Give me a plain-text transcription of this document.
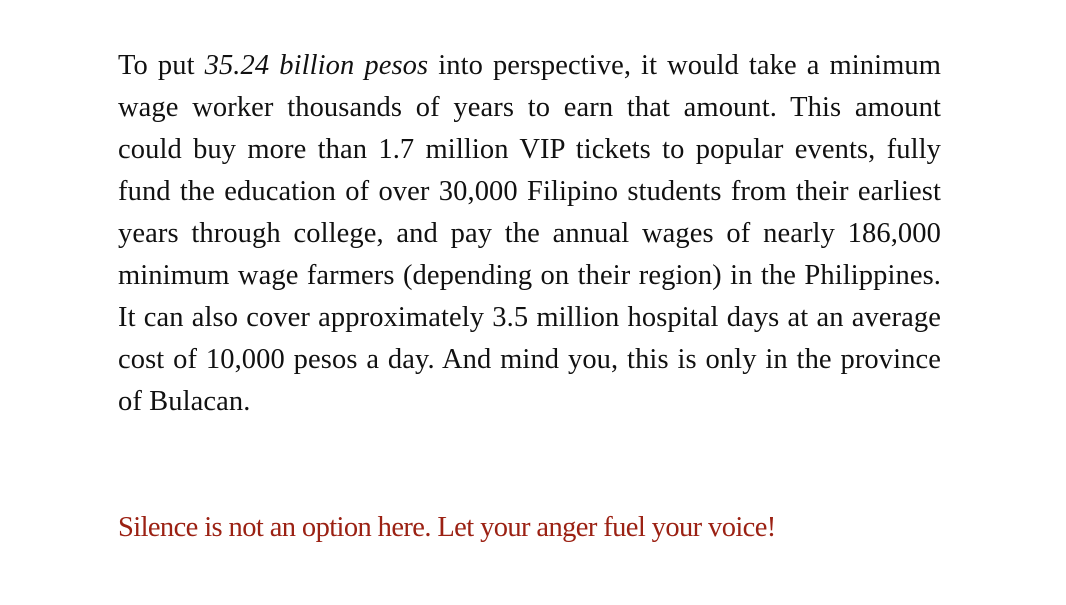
To put 35.24 billion pesos into perspective, it would take a minimum wage worker thousands of years to earn that amount. This amount could buy more than 1.7 million VIP tickets to popular events, fully fund the education of over 30,000 Filipino students from their earliest years through college, and pay the annual wages of nearly 186,000 minimum wage farmers (depending on their region) in the Philippines. It can also cover approximately 3.5 million hospital days at an average cost of 10,000 pesos a day. And mind you, this is only in the province of Bulacan.

Silence is not an option here. Let your anger fuel your voice!
